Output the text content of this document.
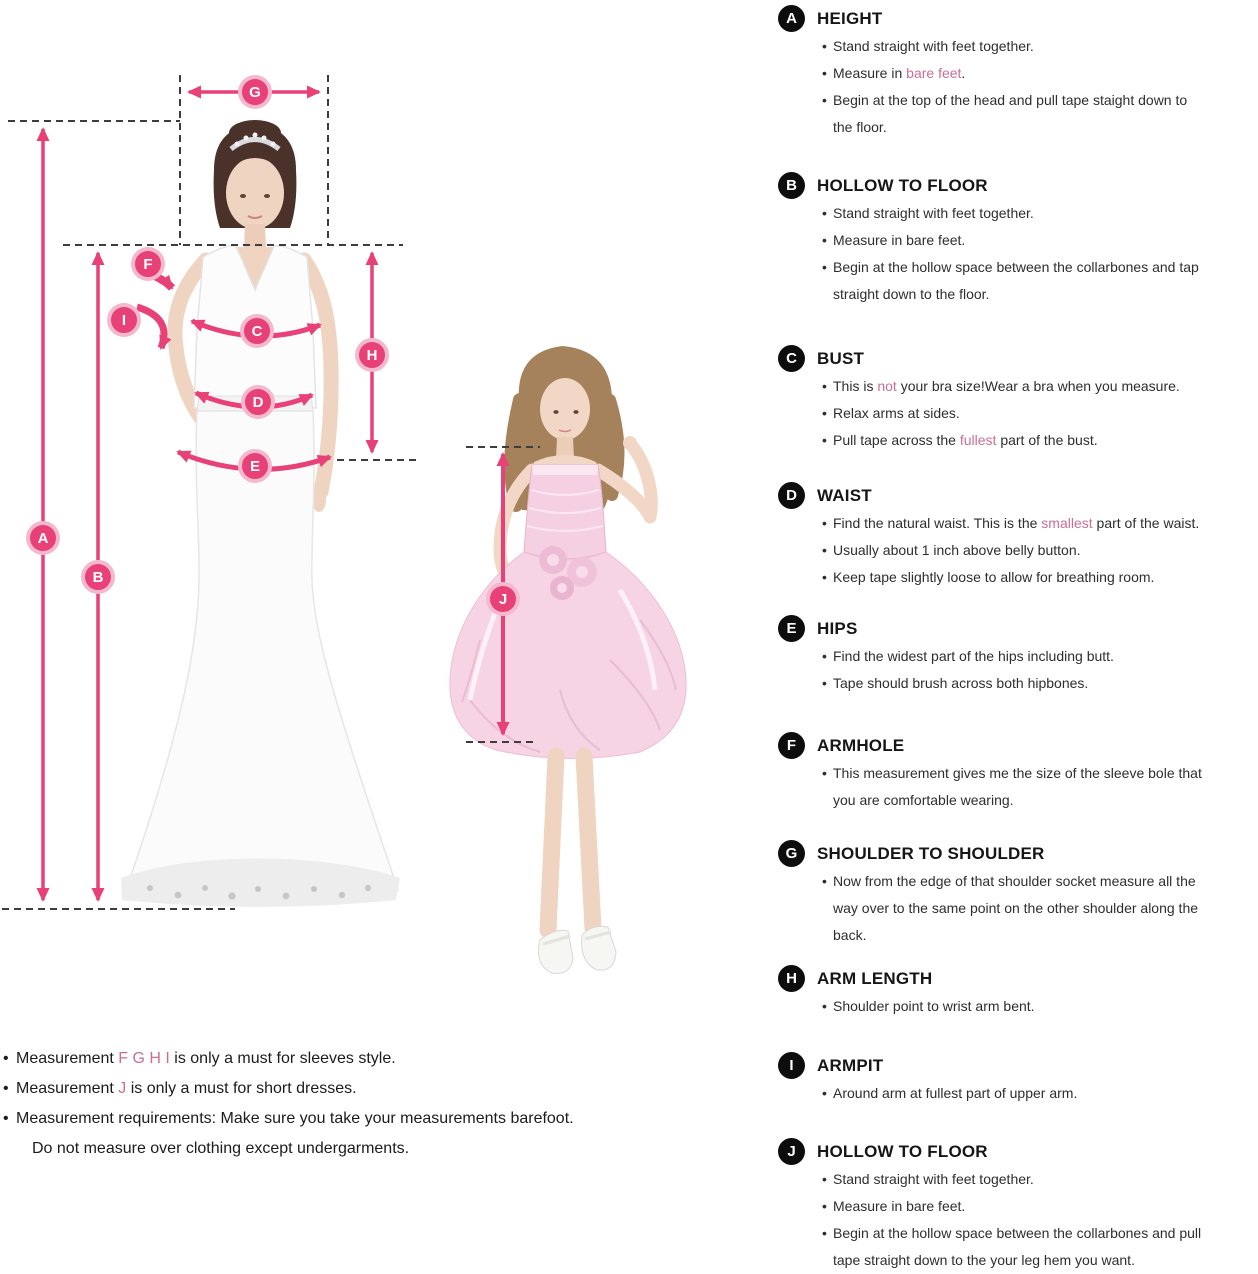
A
B
C
D
E
F
G
H
I
J
A	HEIGHT
• Stand straight with feet together.
• Measure in bare feet.
• Begin at the top of the head and pull tape staight down to
the floor.
B	HOLLOW TO FLOOR
• Stand straight with feet together.
• Measure in bare feet.
• Begin at the hollow space between the collarbones and tap
straight down to the floor.
C	BUST
• This is not your bra size!Wear a bra when you measure.
• Relax arms at sides.
• Pull tape across the fullest part of the bust.
D	WAIST
• Find the natural waist. This is the smallest part of the waist.
• Usually about 1 inch above belly button.
• Keep tape slightly loose to allow for breathing room.
E	HIPS
• Find the widest part of the hips including butt.
• Tape should brush across both hipbones.
F	ARMHOLE
• This measurement gives me the size of the sleeve bole that
you are comfortable wearing.
G	SHOULDER TO SHOULDER
• Now from the edge of that shoulder socket measure all the
way over to the same point on the other shoulder along the
back.
H	ARM LENGTH
• Shoulder point to wrist arm bent.
I	ARMPIT
• Around arm at fullest part of upper arm.
J	HOLLOW TO FLOOR
• Stand straight with feet together.
• Measure in bare feet.
• Begin at the hollow space between the collarbones and pull
tape straight down to the your leg hem you want.
• Measurement F G H I is only a must for sleeves style.
• Measurement J is only a must for short dresses.
• Measurement requirements: Make sure you take your measurements barefoot.
Do not measure over clothing except undergarments.
